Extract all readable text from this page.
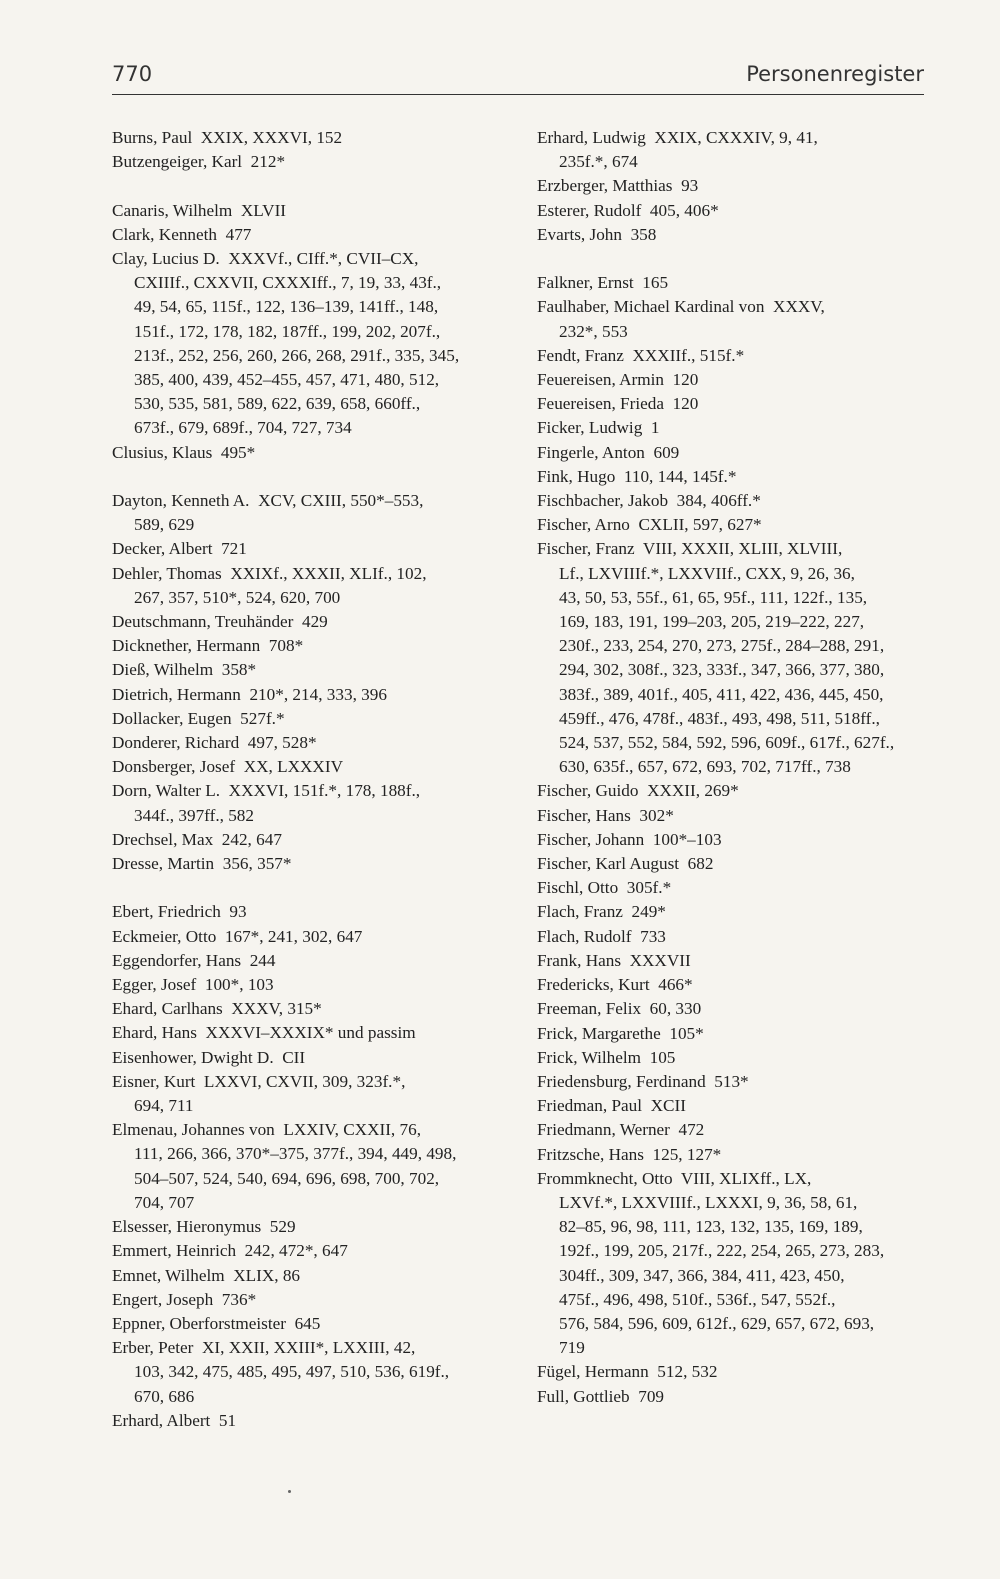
770	Personenregister
Burns, Paul  XXIX, XXXVI, 152
Butzengeiger, Karl  212*
Canaris, Wilhelm  XLVII
Clark, Kenneth  477
Clay, Lucius D.  XXXVf., CIff.*, CVII–CX,
CXIIIf., CXXVII, CXXXIff., 7, 19, 33, 43f.,
49, 54, 65, 115f., 122, 136–139, 141ff., 148,
151f., 172, 178, 182, 187ff., 199, 202, 207f.,
213f., 252, 256, 260, 266, 268, 291f., 335, 345,
385, 400, 439, 452–455, 457, 471, 480, 512,
530, 535, 581, 589, 622, 639, 658, 660ff.,
673f., 679, 689f., 704, 727, 734
Clusius, Klaus  495*
Dayton, Kenneth A.  XCV, CXIII, 550*–553,
589, 629
Decker, Albert  721
Dehler, Thomas  XXIXf., XXXII, XLIf., 102,
267, 357, 510*, 524, 620, 700
Deutschmann, Treuhänder  429
Dicknether, Hermann  708*
Dieß, Wilhelm  358*
Dietrich, Hermann  210*, 214, 333, 396
Dollacker, Eugen  527f.*
Donderer, Richard  497, 528*
Donsberger, Josef  XX, LXXXIV
Dorn, Walter L.  XXXVI, 151f.*, 178, 188f.,
344f., 397ff., 582
Drechsel, Max  242, 647
Dresse, Martin  356, 357*
Ebert, Friedrich  93
Eckmeier, Otto  167*, 241, 302, 647
Eggendorfer, Hans  244
Egger, Josef  100*, 103
Ehard, Carlhans  XXXV, 315*
Ehard, Hans  XXXVI–XXXIX* und passim
Eisenhower, Dwight D.  CII
Eisner, Kurt  LXXVI, CXVII, 309, 323f.*,
694, 711
Elmenau, Johannes von  LXXIV, CXXII, 76,
111, 266, 366, 370*–375, 377f., 394, 449, 498,
504–507, 524, 540, 694, 696, 698, 700, 702,
704, 707
Elsesser, Hieronymus  529
Emmert, Heinrich  242, 472*, 647
Emnet, Wilhelm  XLIX, 86
Engert, Joseph  736*
Eppner, Oberforstmeister  645
Erber, Peter  XI, XXII, XXIII*, LXXIII, 42,
103, 342, 475, 485, 495, 497, 510, 536, 619f.,
670, 686
Erhard, Albert  51
Erhard, Ludwig  XXIX, CXXXIV, 9, 41,
235f.*, 674
Erzberger, Matthias  93
Esterer, Rudolf  405, 406*
Evarts, John  358
Falkner, Ernst  165
Faulhaber, Michael Kardinal von  XXXV,
232*, 553
Fendt, Franz  XXXIIf., 515f.*
Feuereisen, Armin  120
Feuereisen, Frieda  120
Ficker, Ludwig  1
Fingerle, Anton  609
Fink, Hugo  110, 144, 145f.*
Fischbacher, Jakob  384, 406ff.*
Fischer, Arno  CXLII, 597, 627*
Fischer, Franz  VIII, XXXII, XLIII, XLVIII,
Lf., LXVIIIf.*, LXXVIIf., CXX, 9, 26, 36,
43, 50, 53, 55f., 61, 65, 95f., 111, 122f., 135,
169, 183, 191, 199–203, 205, 219–222, 227,
230f., 233, 254, 270, 273, 275f., 284–288, 291,
294, 302, 308f., 323, 333f., 347, 366, 377, 380,
383f., 389, 401f., 405, 411, 422, 436, 445, 450,
459ff., 476, 478f., 483f., 493, 498, 511, 518ff.,
524, 537, 552, 584, 592, 596, 609f., 617f., 627f.,
630, 635f., 657, 672, 693, 702, 717ff., 738
Fischer, Guido  XXXII, 269*
Fischer, Hans  302*
Fischer, Johann  100*–103
Fischer, Karl August  682
Fischl, Otto  305f.*
Flach, Franz  249*
Flach, Rudolf  733
Frank, Hans  XXXVII
Fredericks, Kurt  466*
Freeman, Felix  60, 330
Frick, Margarethe  105*
Frick, Wilhelm  105
Friedensburg, Ferdinand  513*
Friedman, Paul  XCII
Friedmann, Werner  472
Fritzsche, Hans  125, 127*
Frommknecht, Otto  VIII, XLIXff., LX,
LXVf.*, LXXVIIIf., LXXXI, 9, 36, 58, 61,
82–85, 96, 98, 111, 123, 132, 135, 169, 189,
192f., 199, 205, 217f., 222, 254, 265, 273, 283,
304ff., 309, 347, 366, 384, 411, 423, 450,
475f., 496, 498, 510f., 536f., 547, 552f.,
576, 584, 596, 609, 612f., 629, 657, 672, 693,
719
Fügel, Hermann  512, 532
Full, Gottlieb  709
